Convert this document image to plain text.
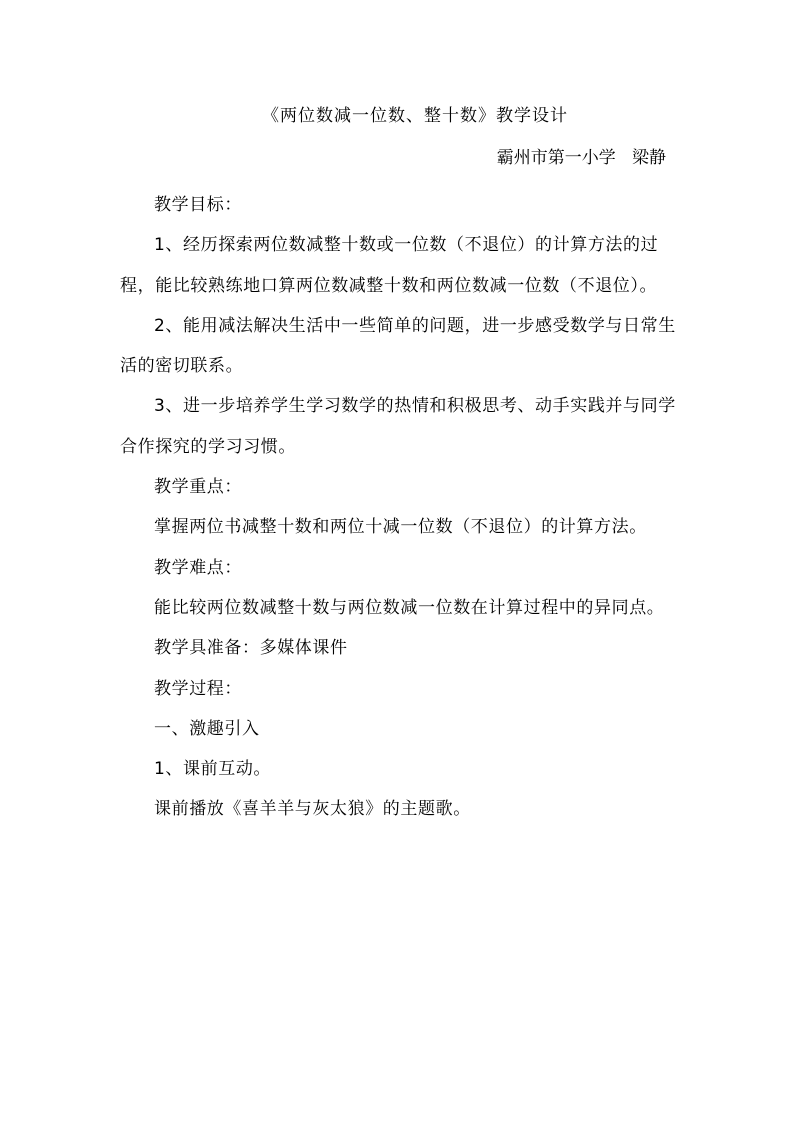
《两位数减一位数、整十数》教学设计
霸州市第一小学   梁静

教学目标：

1、经历探索两位数减整十数或一位数（不退位）的计算方法的过程，能比较熟练地口算两位数减整十数和两位数减一位数（不退位）。

2、能用减法解决生活中一些简单的问题，进一步感受数学与日常生活的密切联系。

3、进一步培养学生学习数学的热情和积极思考、动手实践并与同学合作探究的学习习惯。

教学重点：

掌握两位书减整十数和两位十减一位数（不退位）的计算方法。

教学难点：

能比较两位数减整十数与两位数减一位数在计算过程中的异同点。

教学具准备：多媒体课件

教学过程：

一、激趣引入

1、课前互动。

课前播放《喜羊羊与灰太狼》的主题歌。
